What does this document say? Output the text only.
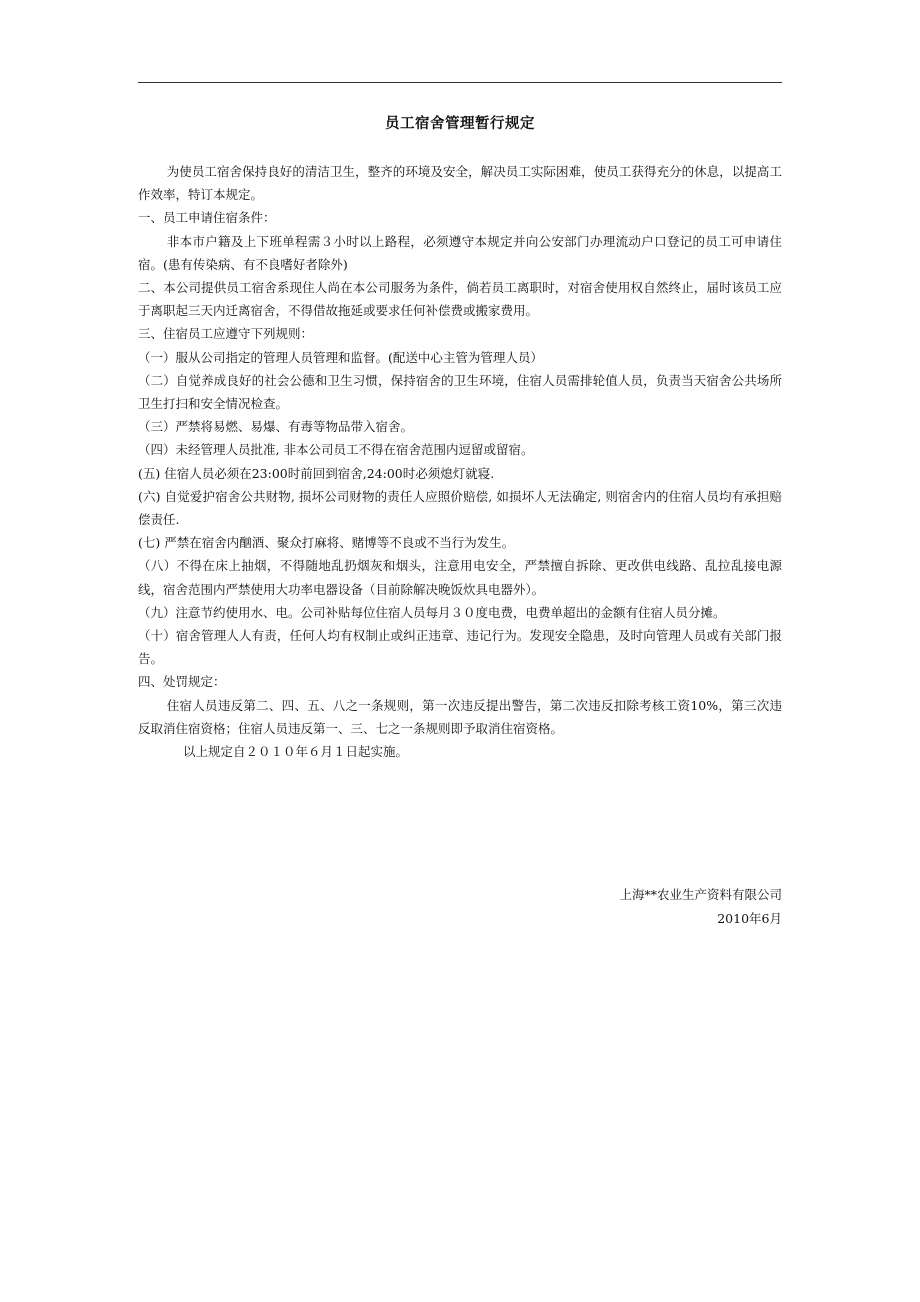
员工宿舍管理暂行规定

为使员工宿舍保持良好的清洁卫生，整齐的环境及安全，解决员工实际困难，使员工获得充分的休息，以提高工作效率，特订本规定。

一、员工申请住宿条件：

非本市户籍及上下班单程需３小时以上路程，必须遵守本规定并向公安部门办理流动户口登记的员工可申请住宿。(患有传染病、有不良嗜好者除外)

二、本公司提供员工宿舍系现住人尚在本公司服务为条件，倘若员工离职时，对宿舍使用权自然终止，届时该员工应于离职起三天内迁离宿舍，不得借故拖延或要求任何补偿费或搬家费用。

三、住宿员工应遵守下列规则：

（一）服从公司指定的管理人员管理和监督。(配送中心主管为管理人员）

（二）自觉养成良好的社会公德和卫生习惯，保持宿舍的卫生环境，住宿人员需排轮值人员，负责当天宿舍公共场所卫生打扫和安全情况检查。

（三）严禁将易燃、易爆、有毒等物品带入宿舍。

（四）未经管理人员批准, 非本公司员工不得在宿舍范围内逗留或留宿。

(五) 住宿人员必须在23:00时前回到宿舍,24:00时必须熄灯就寝.

(六) 自觉爱护宿舍公共财物, 损坏公司财物的责任人应照价赔偿, 如损坏人无法确定, 则宿舍内的住宿人员均有承担赔偿责任.

(七) 严禁在宿舍内酗酒、聚众打麻将、赌博等不良或不当行为发生。

（八）不得在床上抽烟，不得随地乱扔烟灰和烟头，注意用电安全，严禁擅自拆除、更改供电线路、乱拉乱接电源线，宿舍范围内严禁使用大功率电器设备（目前除解决晚饭炊具电器外）。

（九）注意节约使用水、电。公司补贴每位住宿人员每月３０度电费，电费单超出的金额有住宿人员分摊。

（十）宿舍管理人人有责，任何人均有权制止或纠正违章、违记行为。发现安全隐患，及时向管理人员或有关部门报告。

四、处罚规定：

住宿人员违反第二、四、五、八之一条规则，第一次违反提出警告，第二次违反扣除考核工资10%，第三次违反取消住宿资格；住宿人员违反第一、三、七之一条规则即予取消住宿资格。

以上规定自２０１０年６月１日起实施。

上海**农业生产资料有限公司
2010年6月
